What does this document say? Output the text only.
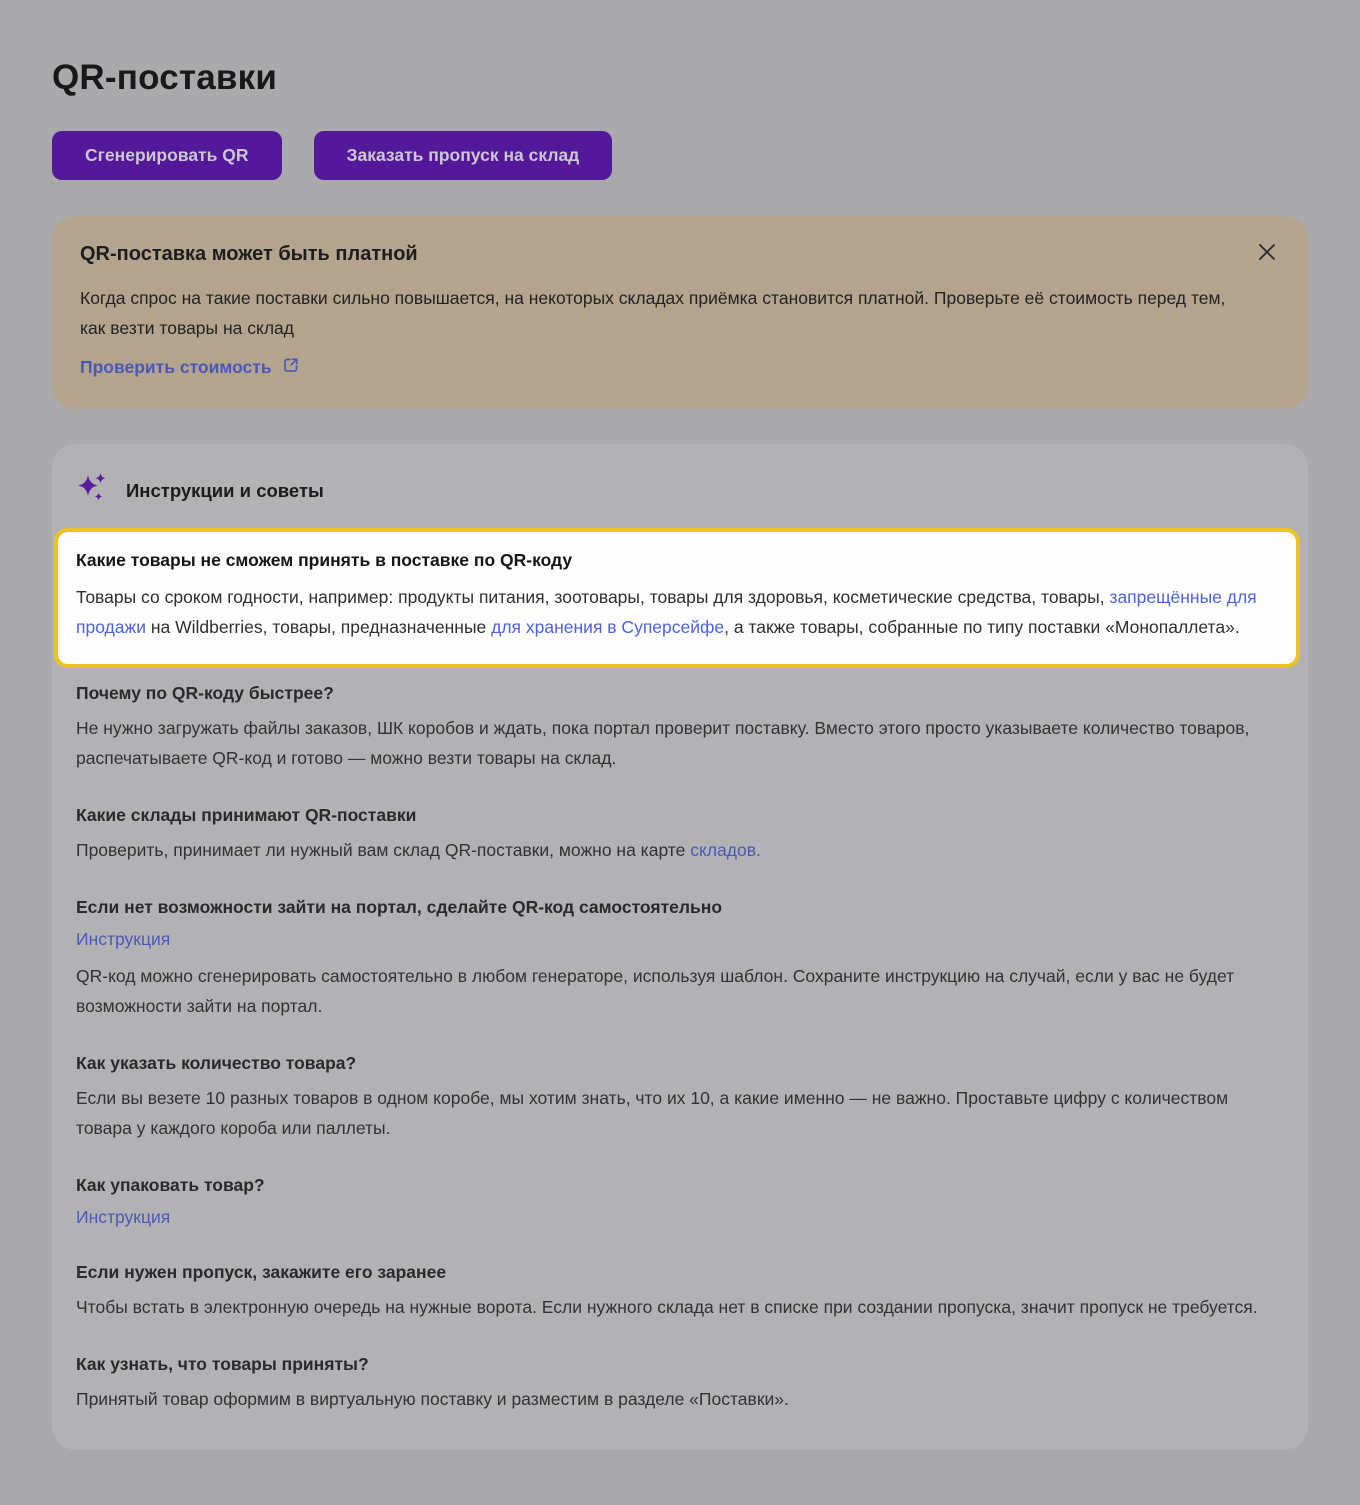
QR-поставки
Сгенерировать QR	Заказать пропуск на склад
QR-поставка может быть платной
Когда спрос на такие поставки сильно повышается, на некоторых складах приёмка становится платной. Проверьте её стоимость перед тем, как везти товары на склад
Проверить стоимость
Инструкции и советы
Какие товары не сможем принять в поставке по QR-коду
Товары со сроком годности, например: продукты питания, зоотовары, товары для здоровья, косметические средства, товары, запрещённые для продажи на Wildberries, товары, предназначенные для хранения в Суперсейфе, а также товары, собранные по типу поставки «Монопаллета».
Почему по QR-коду быстрее?

Не нужно загружать файлы заказов, ШК коробов и ждать, пока портал проверит поставку. Вместо этого просто указываете количество товаров, распечатываете QR-код и готово — можно везти товары на склад.

Какие склады принимают QR-поставки

Проверить, принимает ли нужный вам склад QR-поставки, можно на карте складов.

Если нет возможности зайти на портал, сделайте QR-код самостоятельно
Инструкция

QR-код можно сгенерировать самостоятельно в любом генераторе, используя шаблон. Сохраните инструкцию на случай, если у вас не будет возможности зайти на портал.

Как указать количество товара?

Если вы везете 10 разных товаров в одном коробе, мы хотим знать, что их 10, а какие именно — не важно. Проставьте цифру с количеством товара у каждого короба или паллеты.

Как упаковать товар?
Инструкция
Если нужен пропуск, закажите его заранее

Чтобы встать в электронную очередь на нужные ворота. Если нужного склада нет в списке при создании пропуска, значит пропуск не требуется.

Как узнать, что товары приняты?

Принятый товар оформим в виртуальную поставку и разместим в разделе «Поставки».
